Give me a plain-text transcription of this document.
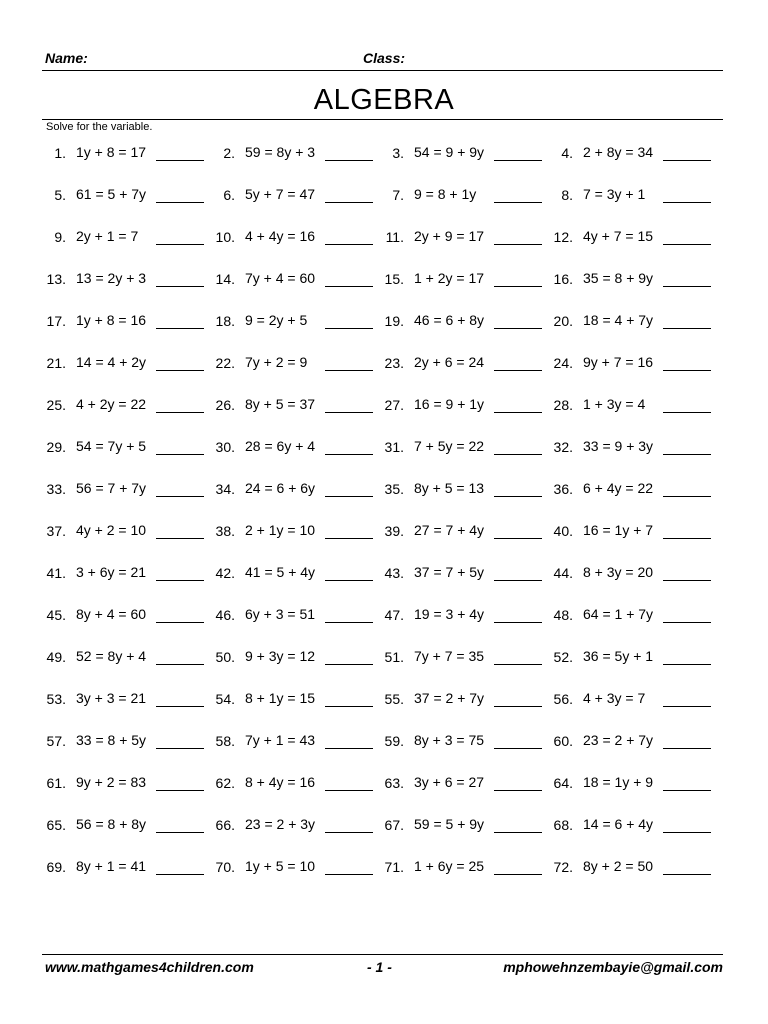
Name:	Class:
ALGEBRA
Solve for the variable.
1. 1y + 8 = 17	2. 59 = 8y + 3	3. 54 = 9 + 9y	4. 2 + 8y = 34
5. 61 = 5 + 7y	6. 5y + 7 = 47	7. 9 = 8 + 1y	8. 7 = 3y + 1
9. 2y + 1 = 7	10. 4 + 4y = 16	11. 2y + 9 = 17	12. 4y + 7 = 15
13. 13 = 2y + 3	14. 7y + 4 = 60	15. 1 + 2y = 17	16. 35 = 8 + 9y
17. 1y + 8 = 16	18. 9 = 2y + 5	19. 46 = 6 + 8y	20. 18 = 4 + 7y
21. 14 = 4 + 2y	22. 7y + 2 = 9	23. 2y + 6 = 24	24. 9y + 7 = 16
25. 4 + 2y = 22	26. 8y + 5 = 37	27. 16 = 9 + 1y	28. 1 + 3y = 4
29. 54 = 7y + 5	30. 28 = 6y + 4	31. 7 + 5y = 22	32. 33 = 9 + 3y
33. 56 = 7 + 7y	34. 24 = 6 + 6y	35. 8y + 5 = 13	36. 6 + 4y = 22
37. 4y + 2 = 10	38. 2 + 1y = 10	39. 27 = 7 + 4y	40. 16 = 1y + 7
41. 3 + 6y = 21	42. 41 = 5 + 4y	43. 37 = 7 + 5y	44. 8 + 3y = 20
45. 8y + 4 = 60	46. 6y + 3 = 51	47. 19 = 3 + 4y	48. 64 = 1 + 7y
49. 52 = 8y + 4	50. 9 + 3y = 12	51. 7y + 7 = 35	52. 36 = 5y + 1
53. 3y + 3 = 21	54. 8 + 1y = 15	55. 37 = 2 + 7y	56. 4 + 3y = 7
57. 33 = 8 + 5y	58. 7y + 1 = 43	59. 8y + 3 = 75	60. 23 = 2 + 7y
61. 9y + 2 = 83	62. 8 + 4y = 16	63. 3y + 6 = 27	64. 18 = 1y + 9
65. 56 = 8 + 8y	66. 23 = 2 + 3y	67. 59 = 5 + 9y	68. 14 = 6 + 4y
69. 8y + 1 = 41	70. 1y + 5 = 10	71. 1 + 6y = 25	72. 8y + 2 = 50
www.mathgames4children.com	- 1 -	mphowehnzembayie@gmail.com
